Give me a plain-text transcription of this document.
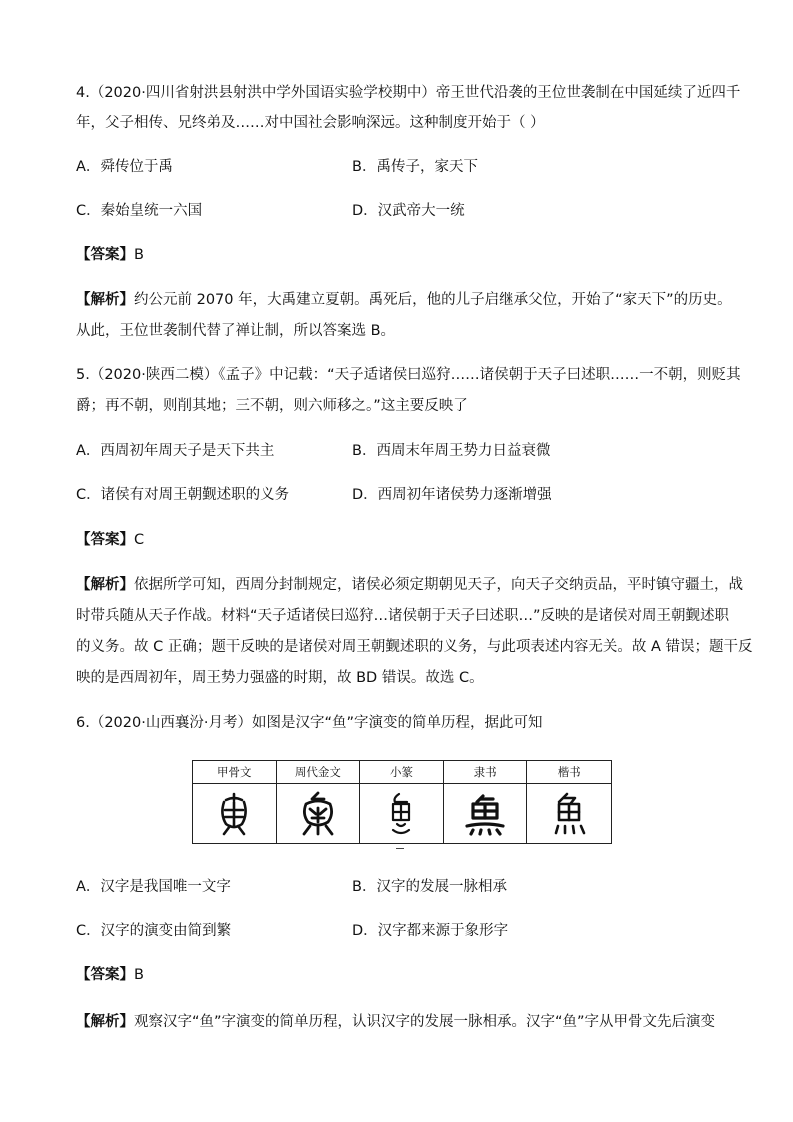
4.（2020·四川省射洪县射洪中学外国语实验学校期中）帝王世代沿袭的王位世袭制在中国延续了近四千
年，父子相传、兄终弟及……对中国社会影响深远。这种制度开始于（ ）
A．舜传位于禹	B．禹传子，家天下
C．秦始皇统一六国	D．汉武帝大一统
【答案】B
【解析】约公元前 2070 年，大禹建立夏朝。禹死后，他的儿子启继承父位，开始了“家天下”的历史。
从此，王位世袭制代替了禅让制，所以答案选 B。
5.（2020·陕西二模）《孟子》中记载：“天子适诸侯曰巡狩……诸侯朝于天子曰述职……一不朝，则贬其
爵；再不朝，则削其地；三不朝，则六师移之。”这主要反映了
A．西周初年周天子是天下共主	B．西周末年周王势力日益衰微
C．诸侯有对周王朝觐述职的义务	D．西周初年诸侯势力逐渐增强
【答案】C
【解析】依据所学可知，西周分封制规定，诸侯必须定期朝见天子，向天子交纳贡品，平时镇守疆土，战
时带兵随从天子作战。材料“天子适诸侯曰巡狩…诸侯朝于天子曰述职…”反映的是诸侯对周王朝觐述职
的义务。故 C 正确；题干反映的是诸侯对周王朝觐述职的义务，与此项表述内容无关。故 A 错误；题干反
映的是西周初年，周王势力强盛的时期，故 BD 错误。故选 C。
6.（2020·山西襄汾·月考）如图是汉字“鱼”字演变的简单历程，据此可知
甲骨文	周代金文	小篆	隶书	楷书
A．汉字是我国唯一文字	B．汉字的发展一脉相承
C．汉字的演变由简到繁	D．汉字都来源于象形字
【答案】B
【解析】观察汉字“鱼”字演变的简单历程，认识汉字的发展一脉相承。汉字“鱼”字从甲骨文先后演变
